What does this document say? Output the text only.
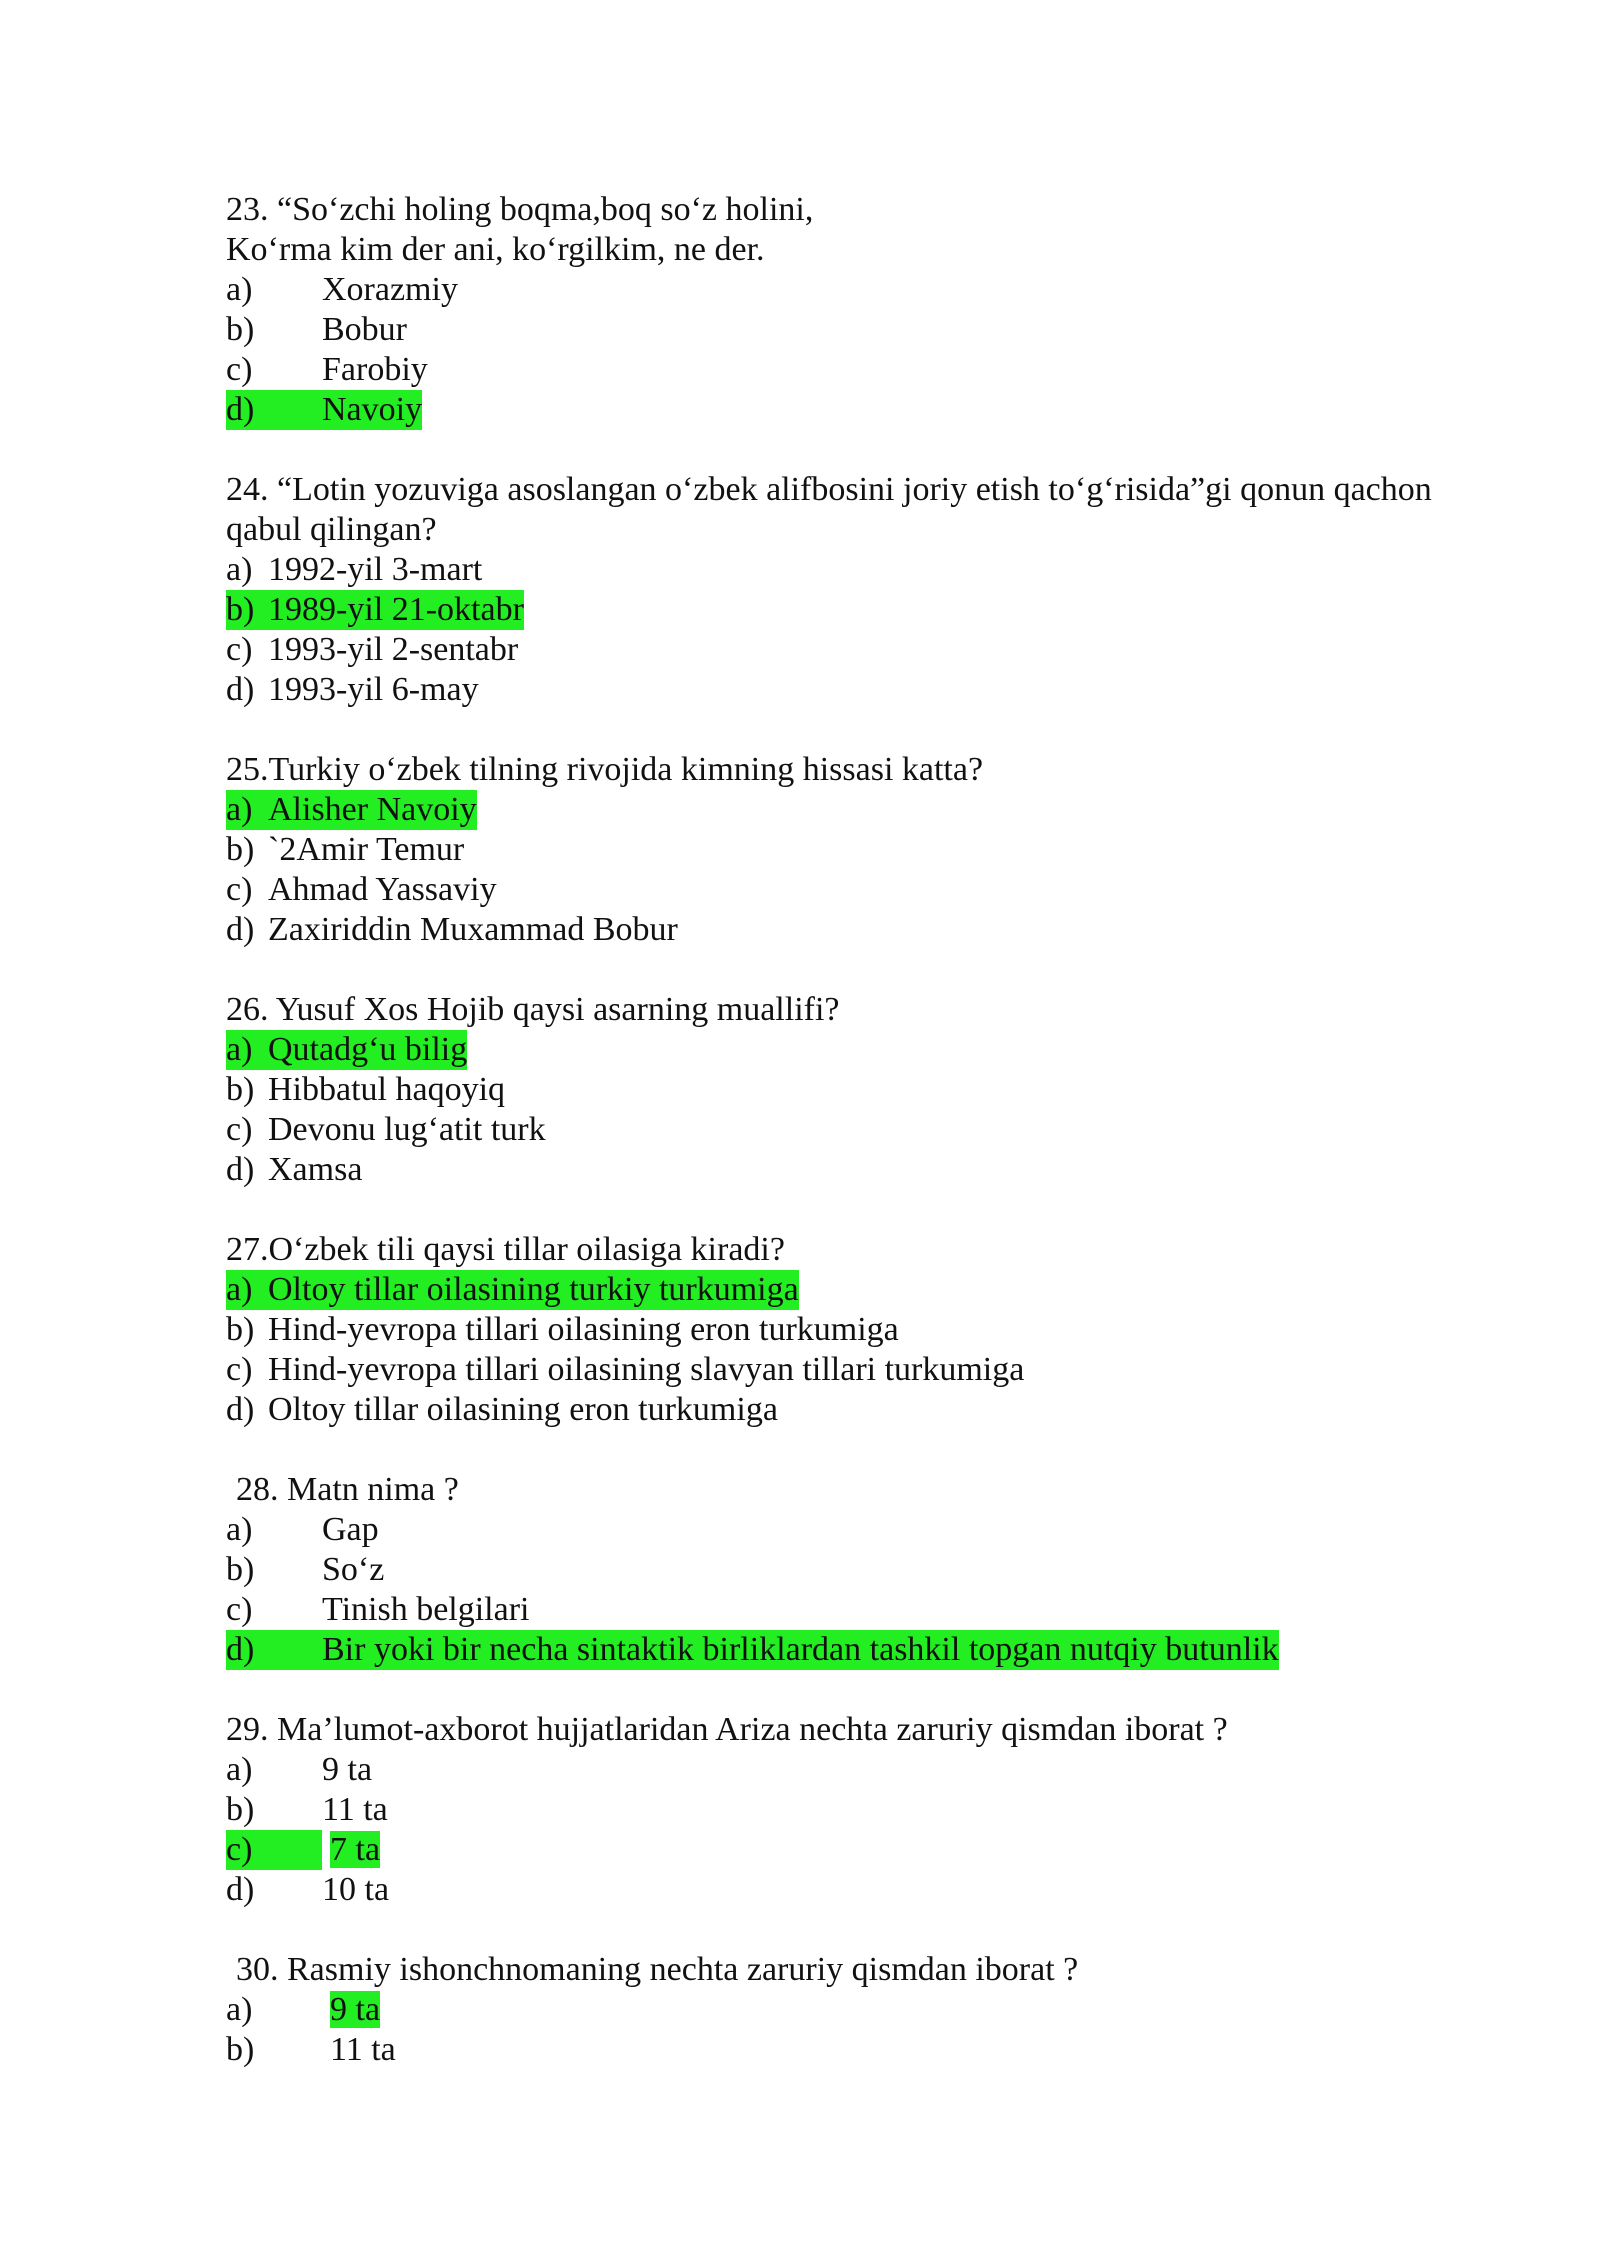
23. “So‘zchi holing boqma,boq so‘z holini,
Ko‘rma kim der ani, ko‘rgilkim, ne der.
a) Xorazmiy
b) Bobur
c) Farobiy
d) Navoiy
24. “Lotin yozuviga asoslangan o‘zbek alifbosini joriy etish to‘g‘risida”gi qonun qachon qabul qilingan?
a) 1992-yil 3-mart
b) 1989-yil 21-oktabr
c) 1993-yil 2-sentabr
d) 1993-yil 6-may
25.Turkiy o‘zbek tilning rivojida kimning hissasi katta?
a) Alisher Navoiy
b) `2Amir Temur
c) Ahmad Yassaviy
d) Zaxiriddin Muxammad Bobur
26. Yusuf Xos Hojib qaysi asarning muallifi?
a) Qutadg‘u bilig
b) Hibbatul haqoyiq
c) Devonu lug‘atit turk
d) Xamsa
27.O‘zbek tili qaysi tillar oilasiga kiradi?
a) Oltoy tillar oilasining turkiy turkumiga
b) Hind-yevropa tillari oilasining eron turkumiga
c) Hind-yevropa tillari oilasining slavyan tillari turkumiga
d) Oltoy tillar oilasining eron turkumiga
28. Matn nima ?
a) Gap
b) So‘z
c) Tinish belgilari
d) Bir yoki bir necha sintaktik birliklardan tashkil topgan nutqiy butunlik
29. Ma’lumot-axborot hujjatlaridan Ariza nechta zaruriy qismdan iborat ?
a) 9 ta
b) 11 ta
c) 7 ta
d) 10 ta
30. Rasmiy ishonchnomaning nechta zaruriy qismdan iborat ?
a) 9 ta
b) 11 ta
